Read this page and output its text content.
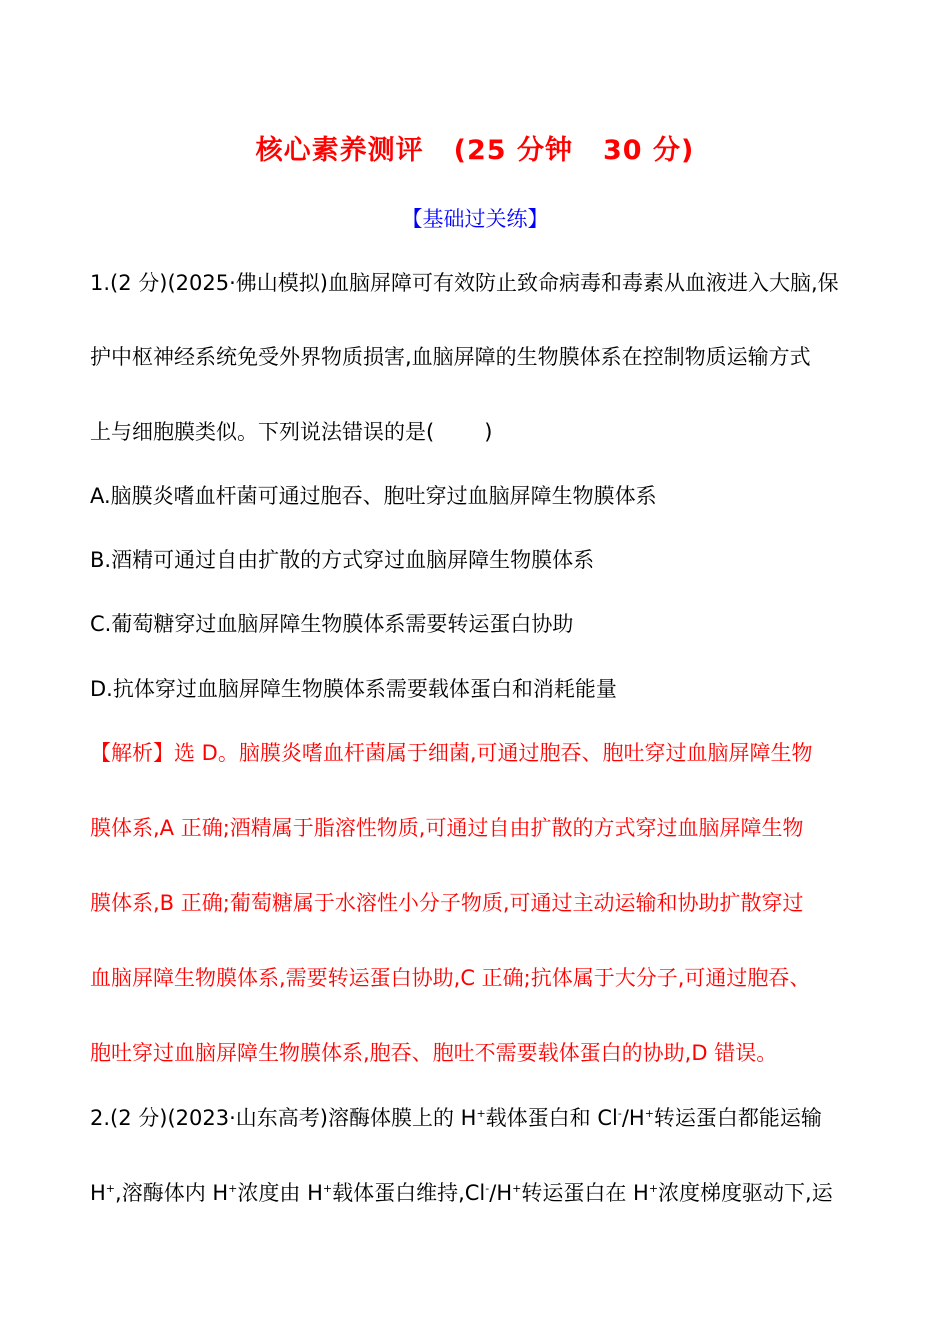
核心素养测评 (25 分钟 30 分)
【基础过关练】
1.(2 分)(2025·佛山模拟)血脑屏障可有效防止致命病毒和毒素从血液进入大脑,保
护中枢神经系统免受外界物质损害,血脑屏障的生物膜体系在控制物质运输方式
上与细胞膜类似。下列说法错误的是( )
A.脑膜炎嗜血杆菌可通过胞吞、胞吐穿过血脑屏障生物膜体系
B.酒精可通过自由扩散的方式穿过血脑屏障生物膜体系
C.葡萄糖穿过血脑屏障生物膜体系需要转运蛋白协助
D.抗体穿过血脑屏障生物膜体系需要载体蛋白和消耗能量
【解析】选 D。脑膜炎嗜血杆菌属于细菌,可通过胞吞、胞吐穿过血脑屏障生物
膜体系,A 正确;酒精属于脂溶性物质,可通过自由扩散的方式穿过血脑屏障生物
膜体系,B 正确;葡萄糖属于水溶性小分子物质,可通过主动运输和协助扩散穿过
血脑屏障生物膜体系,需要转运蛋白协助,C 正确;抗体属于大分子,可通过胞吞、
胞吐穿过血脑屏障生物膜体系,胞吞、胞吐不需要载体蛋白的协助,D 错误。
2.(2 分)(2023·山东高考)溶酶体膜上的 H+载体蛋白和 Cl-/H+转运蛋白都能运输
H+,溶酶体内 H+浓度由 H+载体蛋白维持,Cl-/H+转运蛋白在 H+浓度梯度驱动下,运
